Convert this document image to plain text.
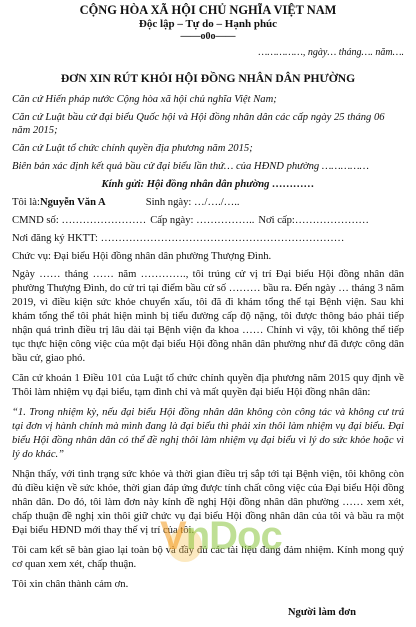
CỘNG HÒA XÃ HỘI CHỦ NGHĨA VIỆT NAM
Độc lập – Tự do – Hạnh phúc
——o0o——
……………, ngày… tháng…. năm….
ĐƠN XIN RÚT KHỎI HỘI ĐỒNG NHÂN DÂN PHƯỜNG

Căn cứ Hiến pháp nước Cộng hòa xã hội chủ nghĩa Việt Nam;

Căn cứ Luật bầu cử đại biểu Quốc hội và Hội đồng nhân dân các cấp ngày 25 tháng 06 năm 2015;

Căn cứ Luật tổ chức chính quyền địa phương năm 2015;

Biên bản xác định kết quả bầu cử đại biểu lần thứ… của HĐND phường ……………

Kính gửi: Hội đồng nhân dân phường …………
Tôi là: Nguyễn Văn A	Sinh ngày: …/…./…..
CMND số: …………………… Cấp ngày: …………….. Nơi cấp:…………………
Nơi đăng ký HKTT: ……………………………………………………………
Chức vụ: Đại biểu Hội đồng nhân dân phường Thượng Đình.

Ngày …… tháng …… năm …………., tôi trúng cử vị trí Đại biểu Hội đồng nhân dân phường Thượng Đình, do cử tri tại điểm bầu cử số ……… bầu ra. Đến ngày … tháng 3 năm 2019, vì điều kiện sức khỏe chuyển xấu, tôi đã đi khám tổng thể tại Bệnh viện. Sau khi khám tổng thể tôi phát hiện mình bị tiểu đường cấp độ nặng, tôi được thông báo phải tiếp nhận quá trình điều trị lâu dài tại Bệnh viện đa khoa …… Chính vì vậy, tôi không thể tiếp tục thực hiện công việc của một đại biểu Hội đồng nhân dân phường như đã được công dân bầu cử, giao phó.

Căn cứ khoản 1 Điều 101 của Luật tổ chức chính quyền địa phương năm 2015 quy định về Thôi làm nhiệm vụ đại biểu, tạm đình chỉ và mất quyền đại biểu Hội đồng nhân dân:

“1. Trong nhiệm kỳ, nếu đại biểu Hội đồng nhân dân không còn công tác và không cư trú tại đơn vị hành chính mà mình đang là đại biểu thì phải xin thôi làm nhiệm vụ đại biểu. Đại biểu Hội đồng nhân dân có thể đề nghị thôi làm nhiệm vụ đại biểu vì lý do sức khỏe hoặc vì lý do khác.”

Nhận thấy, với tình trạng sức khỏe và thời gian điều trị sắp tới tại Bệnh viện, tôi không còn đủ điều kiện về sức khỏe, thời gian đáp ứng được tính chất công việc của Đại biểu Hội đồng nhân dân. Do đó, tôi làm đơn này kính đề nghị Hội đồng nhân dân phường …… xem xét, chấp thuận đề nghị xin thôi giữ chức vụ đại biểu Hội đồng nhân dân của tôi và bầu ra một Đại biểu HĐND mới thay thế vị trí của tôi.

Tôi cam kết sẽ bàn giao lại toàn bộ và đầy đủ các tài liệu đang đảm nhiệm. Kính mong quý cơ quan xem xét, chấp thuận.

Tôi xin chân thành cảm ơn.

Người làm đơn
VnDoc
